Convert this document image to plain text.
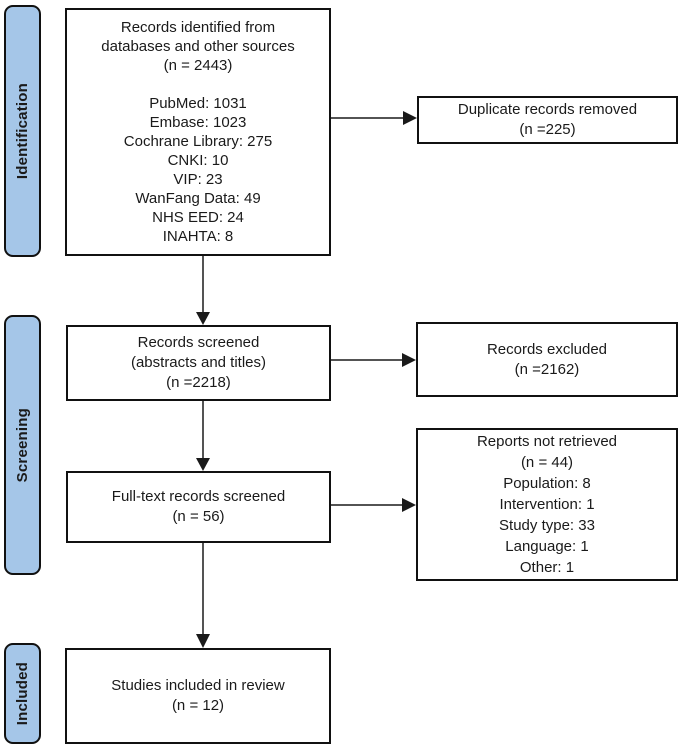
Identification
Screening
Included
Records identified from
databases and other sources
(n = 2443)
PubMed: 1031
Embase: 1023
Cochrane Library: 275
CNKI: 10
VIP: 23
WanFang Data: 49
NHS EED: 24
INAHTA: 8
Records screened
(abstracts and titles)
(n =2218)
Full-text records screened
(n = 56)
Studies included in review
(n = 12)
Duplicate records removed
(n =225)
Records excluded
(n =2162)
Reports not retrieved
(n = 44)
Population: 8
Intervention: 1
Study type: 33
Language: 1
Other: 1
